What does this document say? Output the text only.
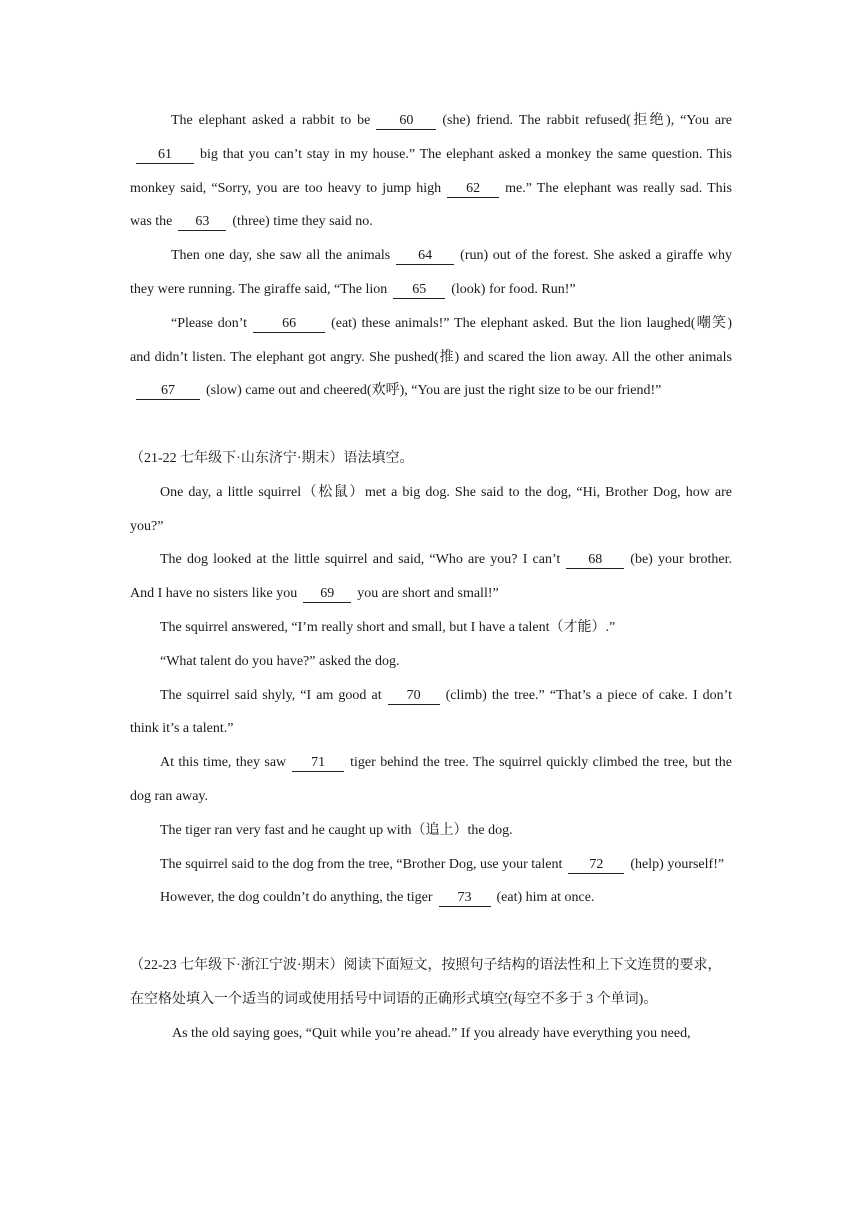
The elephant asked a rabbit to be 60 (she) friend. The rabbit refused(拒绝), “You are61 big that you can’t stay in my house.” The elephant asked a monkey the same question. This monkey said, “Sorry, you are too heavy to jump high 62 me.” The elephant was really sad. This was the 63 (three) time they said no.

Then one day, she saw all the animals 64 (run) out of the forest. She asked a giraffe why they were running. The giraffe said, “The lion 65 (look) for food. Run!”

“Please don’t	66	(eat) these animals!” The elephant asked. But the lion laughed(嘲笑) and didn’t listen. The elephant got angry. She pushed(推) and scared the lion away. All the other animals67 (slow) came out and cheered(欢呼), “You are just the right size to be our friend!”

（21-22 七年级下·山东济宁·期末）语法填空。

One day, a little squirrel（松鼠）met a big dog. She said to the dog, “Hi, Brother Dog, how are you?”

The dog looked at the little squirrel and said, “Who are you? I can’t 68 (be) your brother. And I have no sisters like you 69 you are short and small!”

The squirrel answered, “I’m really short and small, but I have a talent（才能）.”

“What talent do you have?” asked the dog.

The squirrel said shyly, “I am good at 70 (climb) the tree.” “That’s a piece of cake. I don’t think it’s a talent.”

At this time, they saw 71 tiger behind the tree. The squirrel quickly climbed the tree, but the dog ran away.

The tiger ran very fast and he caught up with（追上）the dog.

The squirrel said to the dog from the tree, “Brother Dog, use your talent 72 (help) yourself!”

However, the dog couldn’t do anything, the tiger 73 (eat) him at once.

（22-23 七年级下·浙江宁波·期末）阅读下面短文，按照句子结构的语法性和上下文连贯的要求，在空格处填入一个适当的词或使用括号中词语的正确形式填空(每空不多于 3 个单词)。

As the old saying goes, “Quit while you’re ahead.” If you already have everything you need,
